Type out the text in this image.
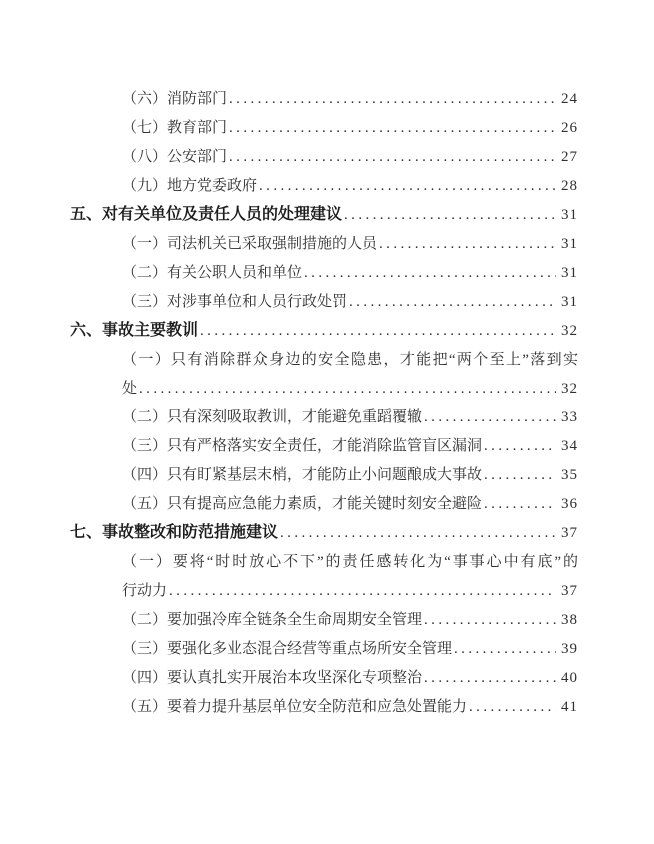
（六）消防部门 .....	24
（七）教育部门 .....	26
（八）公安部门 .....	27
（九）地方党委政府 .....	28
五、对有关单位及责任人员的处理建议 .....	31
（一）司法机关已采取强制措施的人员 .....	31
（二）有关公职人员和单位 .....	31
（三）对涉事单位和人员行政处罚 .....	31
六、事故主要教训 .....	32
（一）只有消除群众身边的安全隐患，才能把“两个至上”落到实
处 .....	32
（二）只有深刻吸取教训，才能避免重蹈覆辙 .....	33
（三）只有严格落实安全责任，才能消除监管盲区漏洞 .....	34
（四）只有盯紧基层末梢，才能防止小问题酿成大事故 .....	35
（五）只有提高应急能力素质，才能关键时刻安全避险 .....	36
七、事故整改和防范措施建议 .....	37
（一）要将“时时放心不下”的责任感转化为“事事心中有底”的
行动力 .....	37
（二）要加强冷库全链条全生命周期安全管理 .....	38
（三）要强化多业态混合经营等重点场所安全管理 .....	39
（四）要认真扎实开展治本攻坚深化专项整治 .....	40
（五）要着力提升基层单位安全防范和应急处置能力 .....	41
